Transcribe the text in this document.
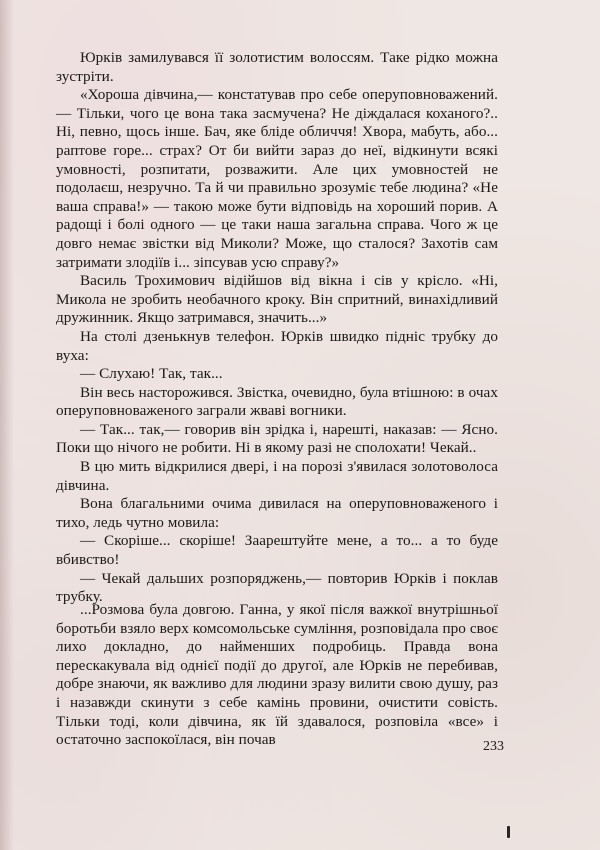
Юрків замилувався її золотистим волоссям. Таке рідко можна зустріти.

«Хороша дівчина,— констатував про себе оперуповноважений.— Тільки, чого це вона така засмучена? Не діждалася коханого?.. Ні, певно, щось інше. Бач, яке бліде обличчя! Хвора, мабуть, або... раптове горе... страх? От би вийти зараз до неї, відкинути всякі умовності, розпитати, розважити. Але цих умовностей не подолаєш, незручно. Та й чи правильно зрозуміє тебе людина? «Не ваша справа!» — такою може бути відповідь на хороший порив. А радощі і болі одного — це таки наша загальна справа. Чого ж це довго немає звістки від Миколи? Може, що сталося? Захотів сам затримати злодіїв і... зіпсував усю справу?»

Василь Трохимович відійшов від вікна і сів у крісло. «Ні, Микола не зробить необачного кроку. Він спритний, винахідливий дружинник. Якщо затримався, значить...»

На столі дзенькнув телефон. Юрків швидко підніс трубку до вуха:

— Слухаю! Так, так...

Він весь насторожився. Звістка, очевидно, була втішною: в очах оперуповноваженого заграли жваві вогники.

— Так... так,— говорив він зрідка і, нарешті, наказав: — Ясно. Поки що нічого не робити. Ні в якому разі не сполохати! Чекай..

В цю мить відкрилися двері, і на порозі з'явилася золотоволоса дівчина.

Вона благальними очима дивилася на оперуповноваженого і тихо, ледь чутно мовила:

— Скоріше... скоріше! Заарештуйте мене, а то... а то буде вбивство!

— Чекай дальших розпоряджень,— повторив Юрків і поклав трубку.

...Розмова була довгою. Ганна, у якої після важкої внутрішньої боротьби взяло верх комсомольське сумління, розповідала про своє лихо докладно, до найменших подробиць. Правда вона перескакувала від однієї події до другої, але Юрків не перебивав, добре знаючи, як важливо для людини зразу вилити свою душу, раз і назавжди скинути з себе камінь провини, очистити совість. Тільки тоді, коли дівчина, як їй здавалося, розповіла «все» і остаточно заспокоїлася, він почав	233
